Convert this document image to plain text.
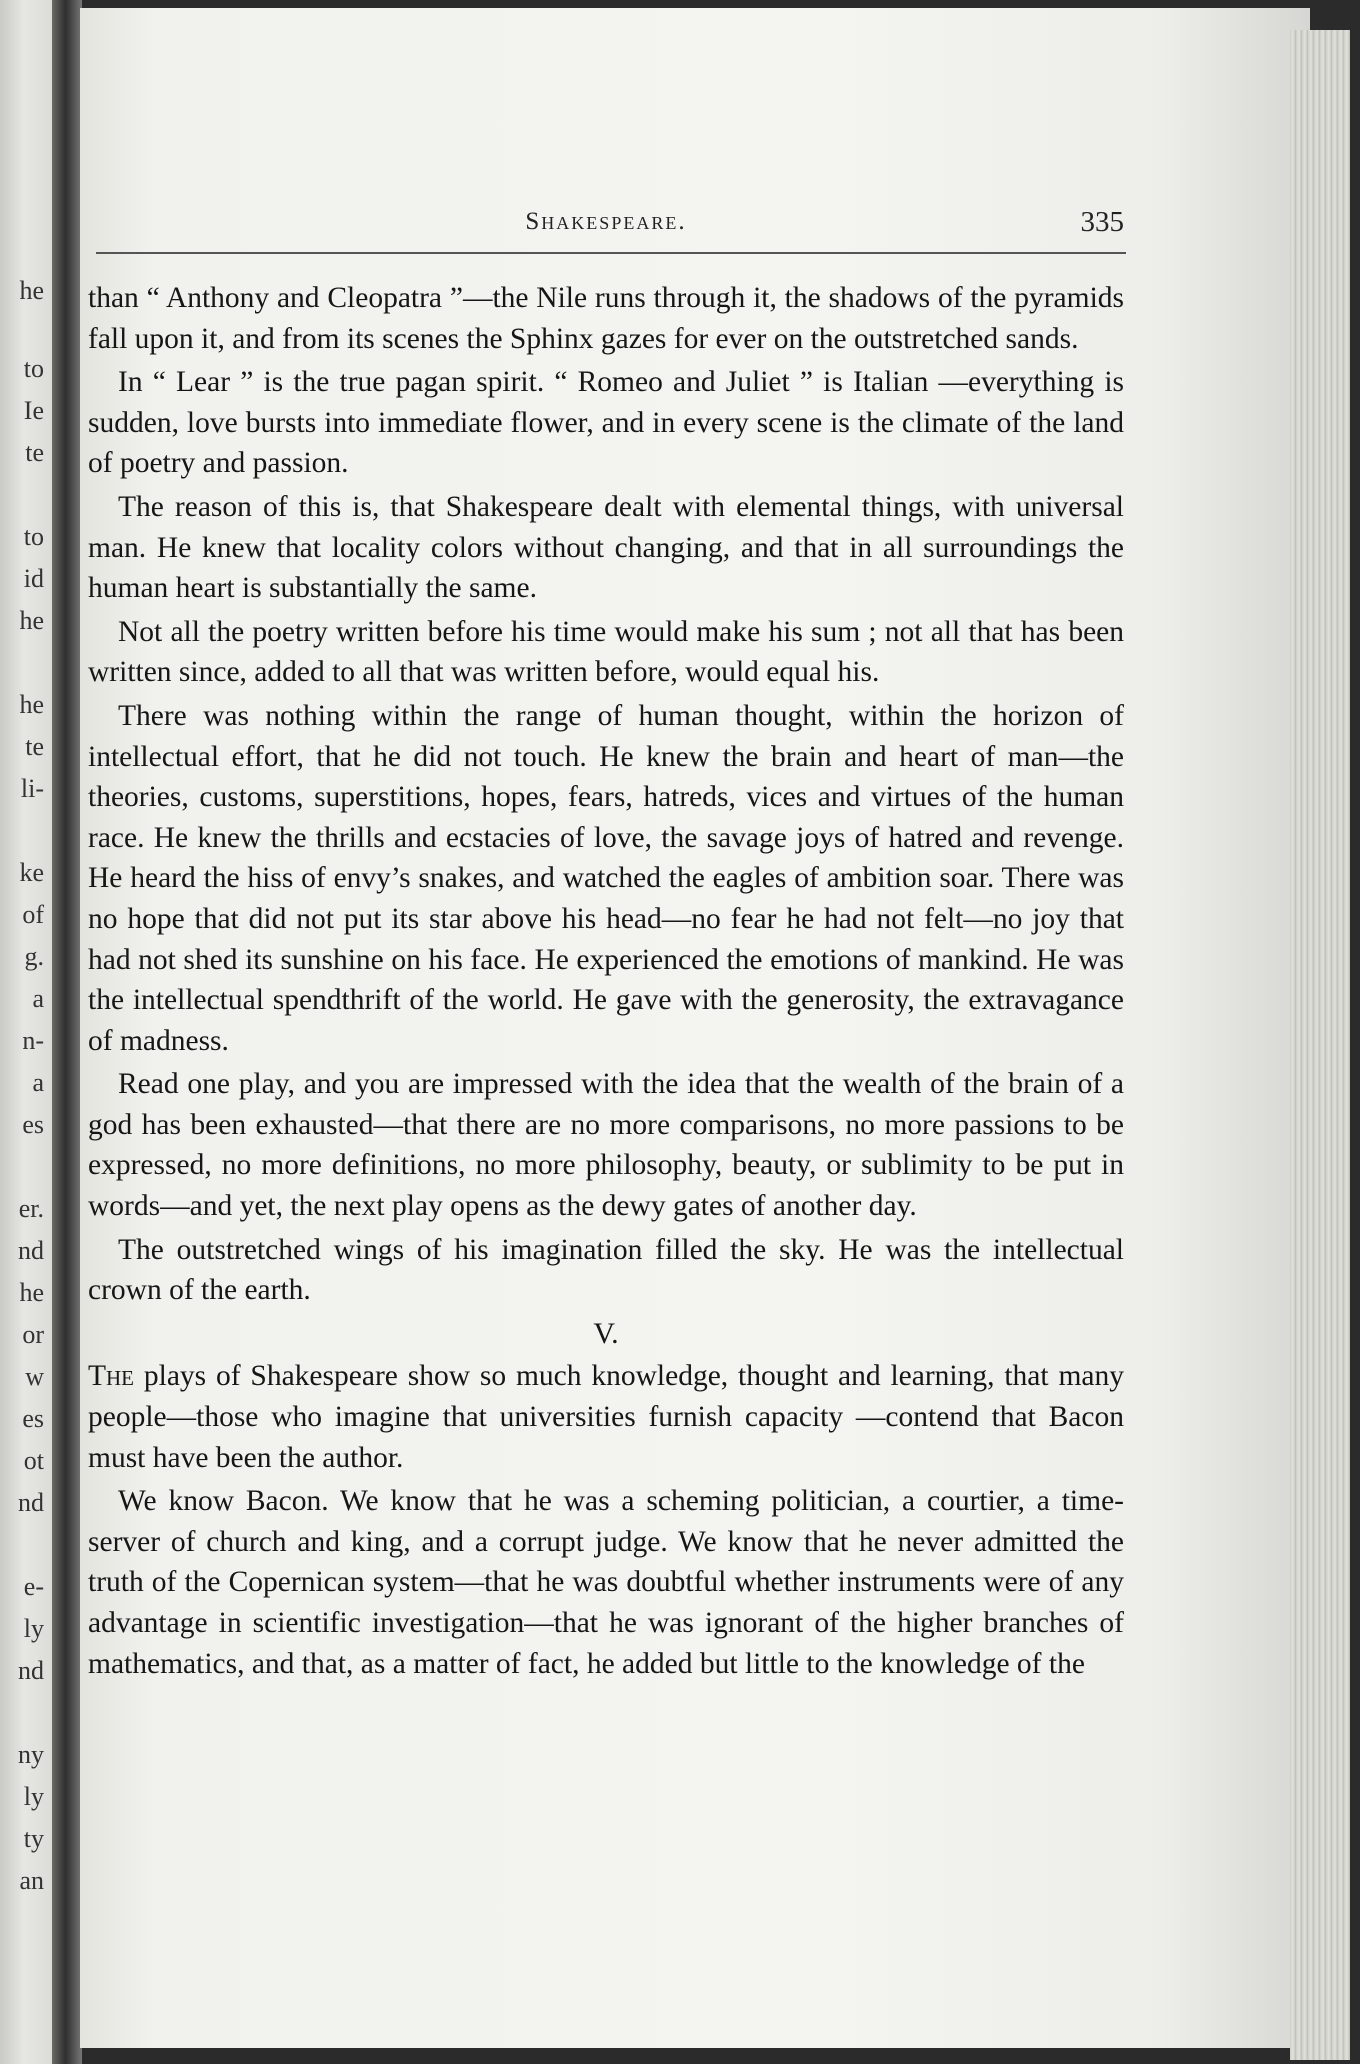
he
to
Ie
te
to
id
he
he
te
li-
ke
of
g.
a
n-
a
es
er.
nd
he
or
w
es
ot
nd
e-
ly
nd
ny
ly
ty
an
Shakespeare.	335

than “ Anthony and Cleopatra ”—the Nile runs through it, the shadows of the pyramids fall upon it, and from its scenes the Sphinx gazes for ever on the outstretched sands.

In “ Lear ” is the true pagan spirit. “ Romeo and Juliet ” is Italian —everything is sudden, love bursts into immediate flower, and in every scene is the climate of the land of poetry and passion.

The reason of this is, that Shakespeare dealt with elemental things, with universal man. He knew that locality colors without changing, and that in all surroundings the human heart is substantially the same.

Not all the poetry written before his time would make his sum ; not all that has been written since, added to all that was written before, would equal his.

There was nothing within the range of human thought, within the horizon of intellectual effort, that he did not touch. He knew the brain and heart of man—the theories, customs, superstitions, hopes, fears, hatreds, vices and virtues of the human race. He knew the thrills and ecstacies of love, the savage joys of hatred and revenge. He heard the hiss of envy’s snakes, and watched the eagles of ambition soar. There was no hope that did not put its star above his head—no fear he had not felt—no joy that had not shed its sunshine on his face. He experienced the emotions of mankind. He was the intellectual spendthrift of the world. He gave with the generosity, the extravagance of madness.

Read one play, and you are impressed with the idea that the wealth of the brain of a god has been exhausted—that there are no more comparisons, no more passions to be expressed, no more definitions, no more philosophy, beauty, or sublimity to be put in words—and yet, the next play opens as the dewy gates of another day.

The outstretched wings of his imagination filled the sky. He was the intellectual crown of the earth.

V.

The plays of Shakespeare show so much knowledge, thought and learning, that many people—those who imagine that universities furnish capacity —contend that Bacon must have been the author.

We know Bacon. We know that he was a scheming politician, a courtier, a time-server of church and king, and a corrupt judge. We know that he never admitted the truth of the Copernican system—that he was doubtful whether instruments were of any advantage in scientific investigation—that he was ignorant of the higher branches of mathematics, and that, as a matter of fact, he added but little to the knowledge of the
